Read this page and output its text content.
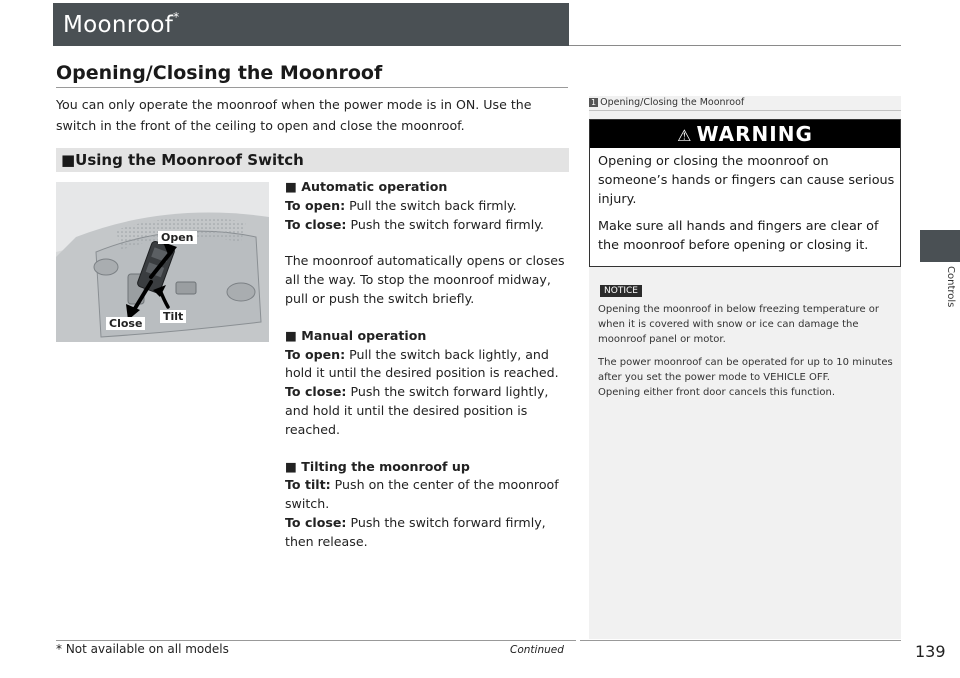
Moonroof*
Controls
Opening/Closing the Moonroof
You can only operate the moonroof when the power mode is in ON. Use the switch in the front of the ceiling to open and close the moonroof.
■Using the Moonroof Switch
Open
Tilt
Close

■ Automatic operation

To open: Pull the switch back firmly.

To close: Push the switch forward firmly.

The moonroof automatically opens or closes all the way. To stop the moonroof midway, pull or push the switch briefly.

■ Manual operation

To open: Pull the switch back lightly, and hold it until the desired position is reached.

To close: Push the switch forward lightly, and hold it until the desired position is reached.

■ Tilting the moonroof up

To tilt: Push on the center of the moonroof switch.

To close: Push the switch forward firmly, then release.

1 Opening/Closing the Moonroof
⚠ WARNING

Opening or closing the moonroof on someone’s hands or fingers can cause serious injury.

Make sure all hands and fingers are clear of the moonroof before opening or closing it.

NOTICE

Opening the moonroof in below freezing temperature or when it is covered with snow or ice can damage the moonroof panel or motor.

The power moonroof can be operated for up to 10 minutes after you set the power mode to VEHICLE OFF.

Opening either front door cancels this function.

* Not available on all models	Continued	139
